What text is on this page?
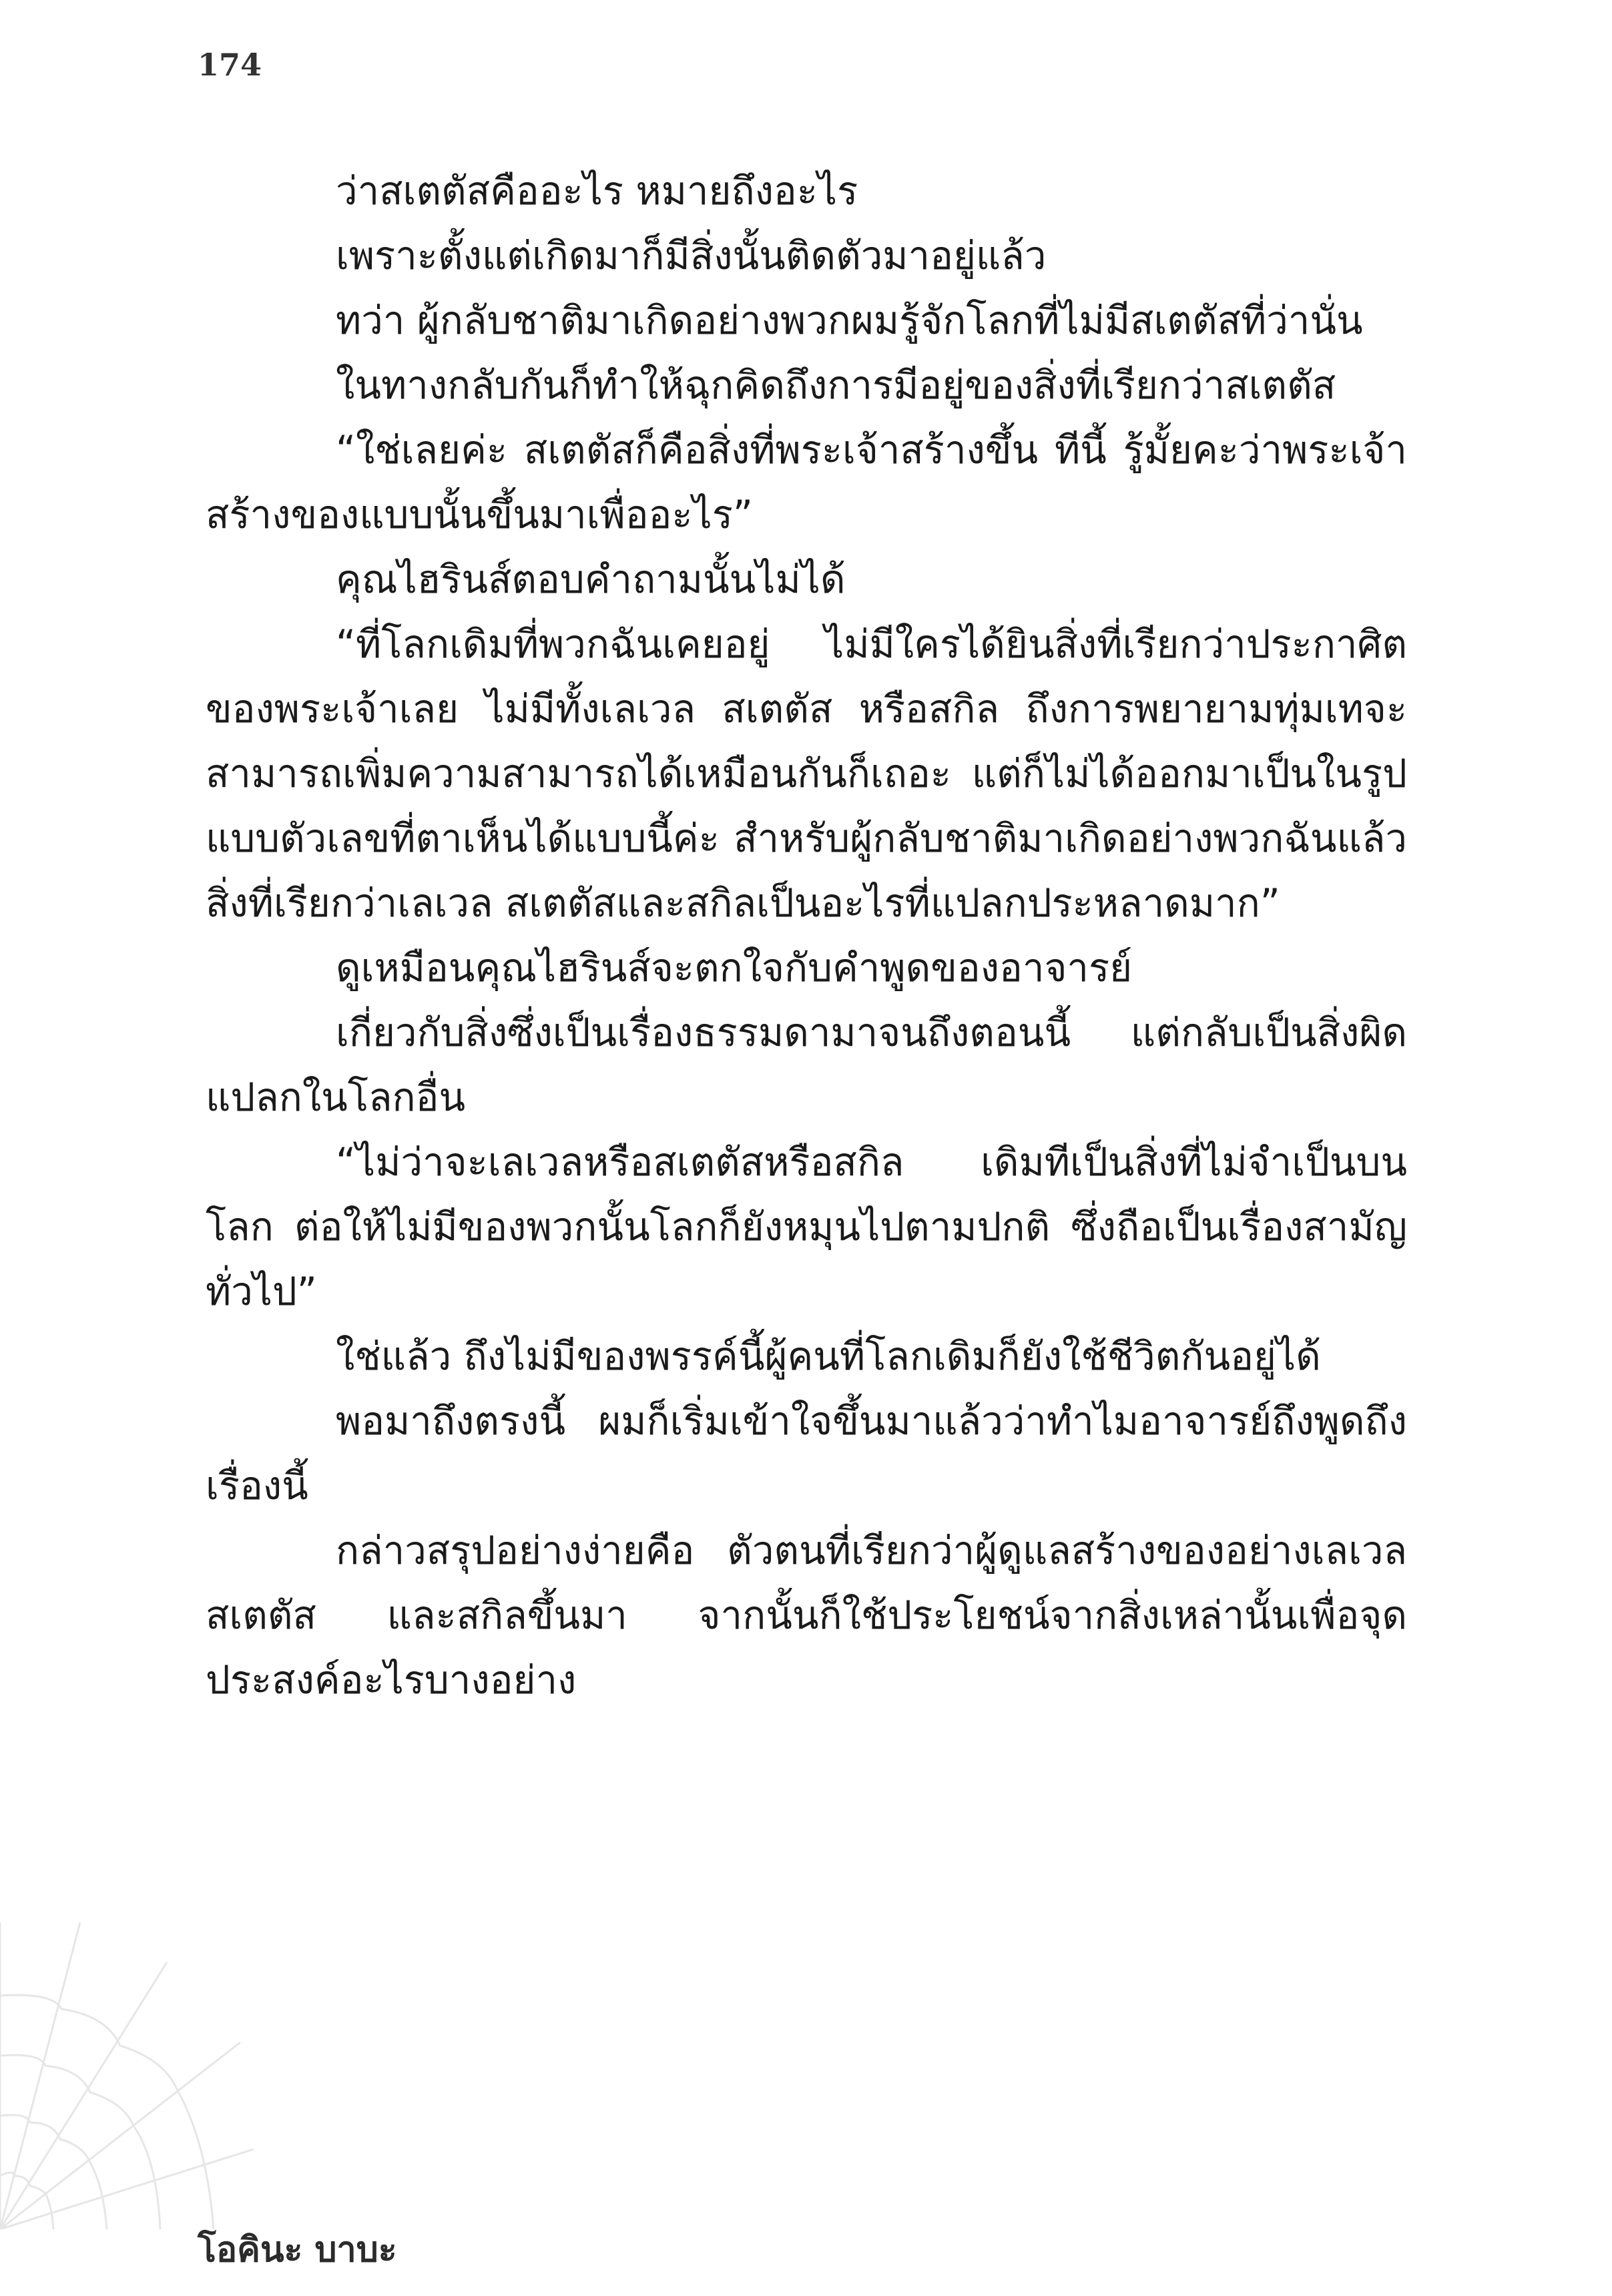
174

ว่าสเตตัสคืออะไร หมายถึงอะไร

เพราะตั้งแต่เกิดมาก็มีสิ่งนั้นติดตัวมาอยู่แล้ว

ทว่า ผู้กลับชาติมาเกิดอย่างพวกผมรู้จักโลกที่ไม่มีสเตตัสที่ว่านั่น

ในทางกลับกันก็ทำให้ฉุกคิดถึงการมีอยู่ของสิ่งที่เรียกว่าสเตตัส

“ใช่เลยค่ะ สเตตัสก็คือสิ่งที่พระเจ้าสร้างขึ้น ทีนี้ รู้มั้ยคะว่าพระเจ้าสร้างของแบบนั้นขึ้นมาเพื่ออะไร”

คุณไฮรินส์ตอบคำถามนั้นไม่ได้

“ที่โลกเดิมที่พวกฉันเคยอยู่ ไม่มีใครได้ยินสิ่งที่เรียกว่าประกาศิตของพระเจ้าเลย ไม่มีทั้งเลเวล สเตตัส หรือสกิล ถึงการพยายามทุ่มเทจะสามารถเพิ่มความสามารถได้เหมือนกันก็เถอะ แต่ก็ไม่ได้ออกมาเป็นในรูปแบบตัวเลขที่ตาเห็นได้แบบนี้ค่ะ สำหรับผู้กลับชาติมาเกิดอย่างพวกฉันแล้ว สิ่งที่เรียกว่าเลเวล สเตตัสและสกิลเป็นอะไรที่แปลกประหลาดมาก”

ดูเหมือนคุณไฮรินส์จะตกใจกับคำพูดของอาจารย์

เกี่ยวกับสิ่งซึ่งเป็นเรื่องธรรมดามาจนถึงตอนนี้ แต่กลับเป็นสิ่งผิดแปลกในโลกอื่น

“ไม่ว่าจะเลเวลหรือสเตตัสหรือสกิล เดิมทีเป็นสิ่งที่ไม่จำเป็นบนโลก ต่อให้ไม่มีของพวกนั้นโลกก็ยังหมุนไปตามปกติ ซึ่งถือเป็นเรื่องสามัญทั่วไป”

ใช่แล้ว ถึงไม่มีของพรรค์นี้ผู้คนที่โลกเดิมก็ยังใช้ชีวิตกันอยู่ได้

พอมาถึงตรงนี้ ผมก็เริ่มเข้าใจขึ้นมาแล้วว่าทำไมอาจารย์ถึงพูดถึงเรื่องนี้

กล่าวสรุปอย่างง่ายคือ ตัวตนที่เรียกว่าผู้ดูแลสร้างของอย่างเลเวล สเตตัส และสกิลขึ้นมา จากนั้นก็ใช้ประโยชน์จากสิ่งเหล่านั้นเพื่อจุดประสงค์อะไรบางอย่าง

โอคินะ บาบะ
